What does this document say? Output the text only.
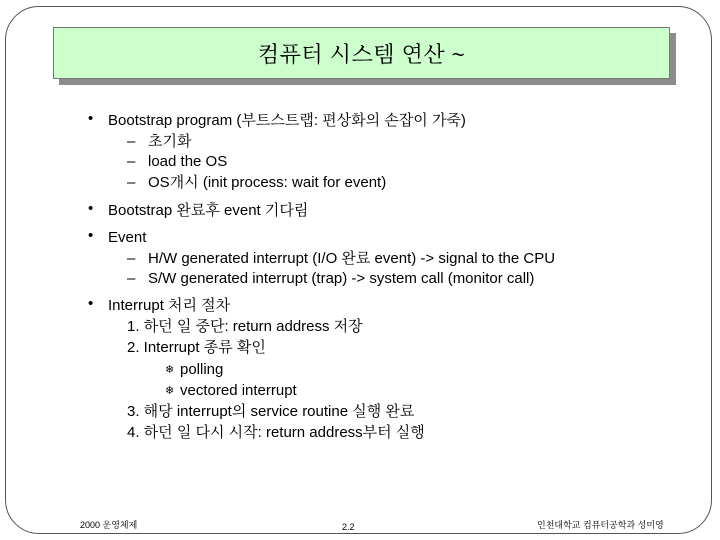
컴퓨터 시스템 연산 ~
• Bootstrap program (부트스트랩: 편상화의 손잡이 가죽)
– 초기화
– load the OS
– OS개시 (init process: wait for event)
• Bootstrap 완료후 event 기다림
• Event
– H/W generated interrupt (I/O 완료 event) -> signal to the CPU
– S/W generated interrupt (trap) -> system call (monitor call)
• Interrupt 처리 절차
1. 하던 일 중단: return address 저장
2. Interrupt 종류 확인
❄ polling
❄ vectored interrupt
3. 해당 interrupt의 service routine 실행 완료
4. 하던 일 다시 시작: return address부터 실행
2000 운영체제	2.2	인천대학교 컴퓨터공학과 성미영
